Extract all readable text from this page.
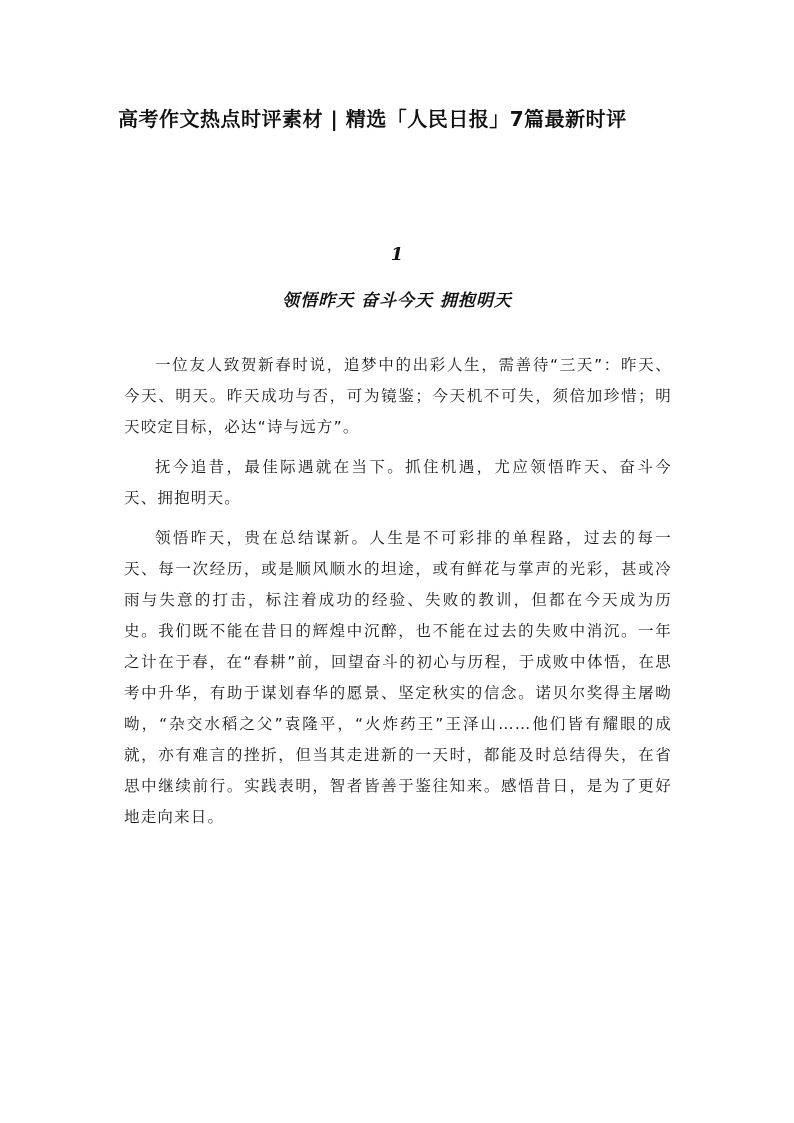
高考作文热点时评素材 | 精选「人民日报」7篇最新时评
1
领悟昨天 奋斗今天 拥抱明天

一位友人致贺新春时说，追梦中的出彩人生，需善待“三天”：昨天、今天、明天。昨天成功与否，可为镜鉴；今天机不可失，须倍加珍惜；明天咬定目标，必达“诗与远方”。

抚今追昔，最佳际遇就在当下。抓住机遇，尤应领悟昨天、奋斗今天、拥抱明天。

领悟昨天，贵在总结谋新。人生是不可彩排的单程路，过去的每一天、每一次经历，或是顺风顺水的坦途，或有鲜花与掌声的光彩，甚或冷雨与失意的打击，标注着成功的经验、失败的教训，但都在今天成为历史。我们既不能在昔日的辉煌中沉醉，也不能在过去的失败中消沉。一年之计在于春，在“春耕”前，回望奋斗的初心与历程，于成败中体悟，在思考中升华，有助于谋划春华的愿景、坚定秋实的信念。诺贝尔奖得主屠呦呦，“杂交水稻之父”袁隆平，“火炸药王”王泽山……他们皆有耀眼的成就，亦有难言的挫折，但当其走进新的一天时，都能及时总结得失，在省思中继续前行。实践表明，智者皆善于鉴往知来。感悟昔日，是为了更好地走向来日。
